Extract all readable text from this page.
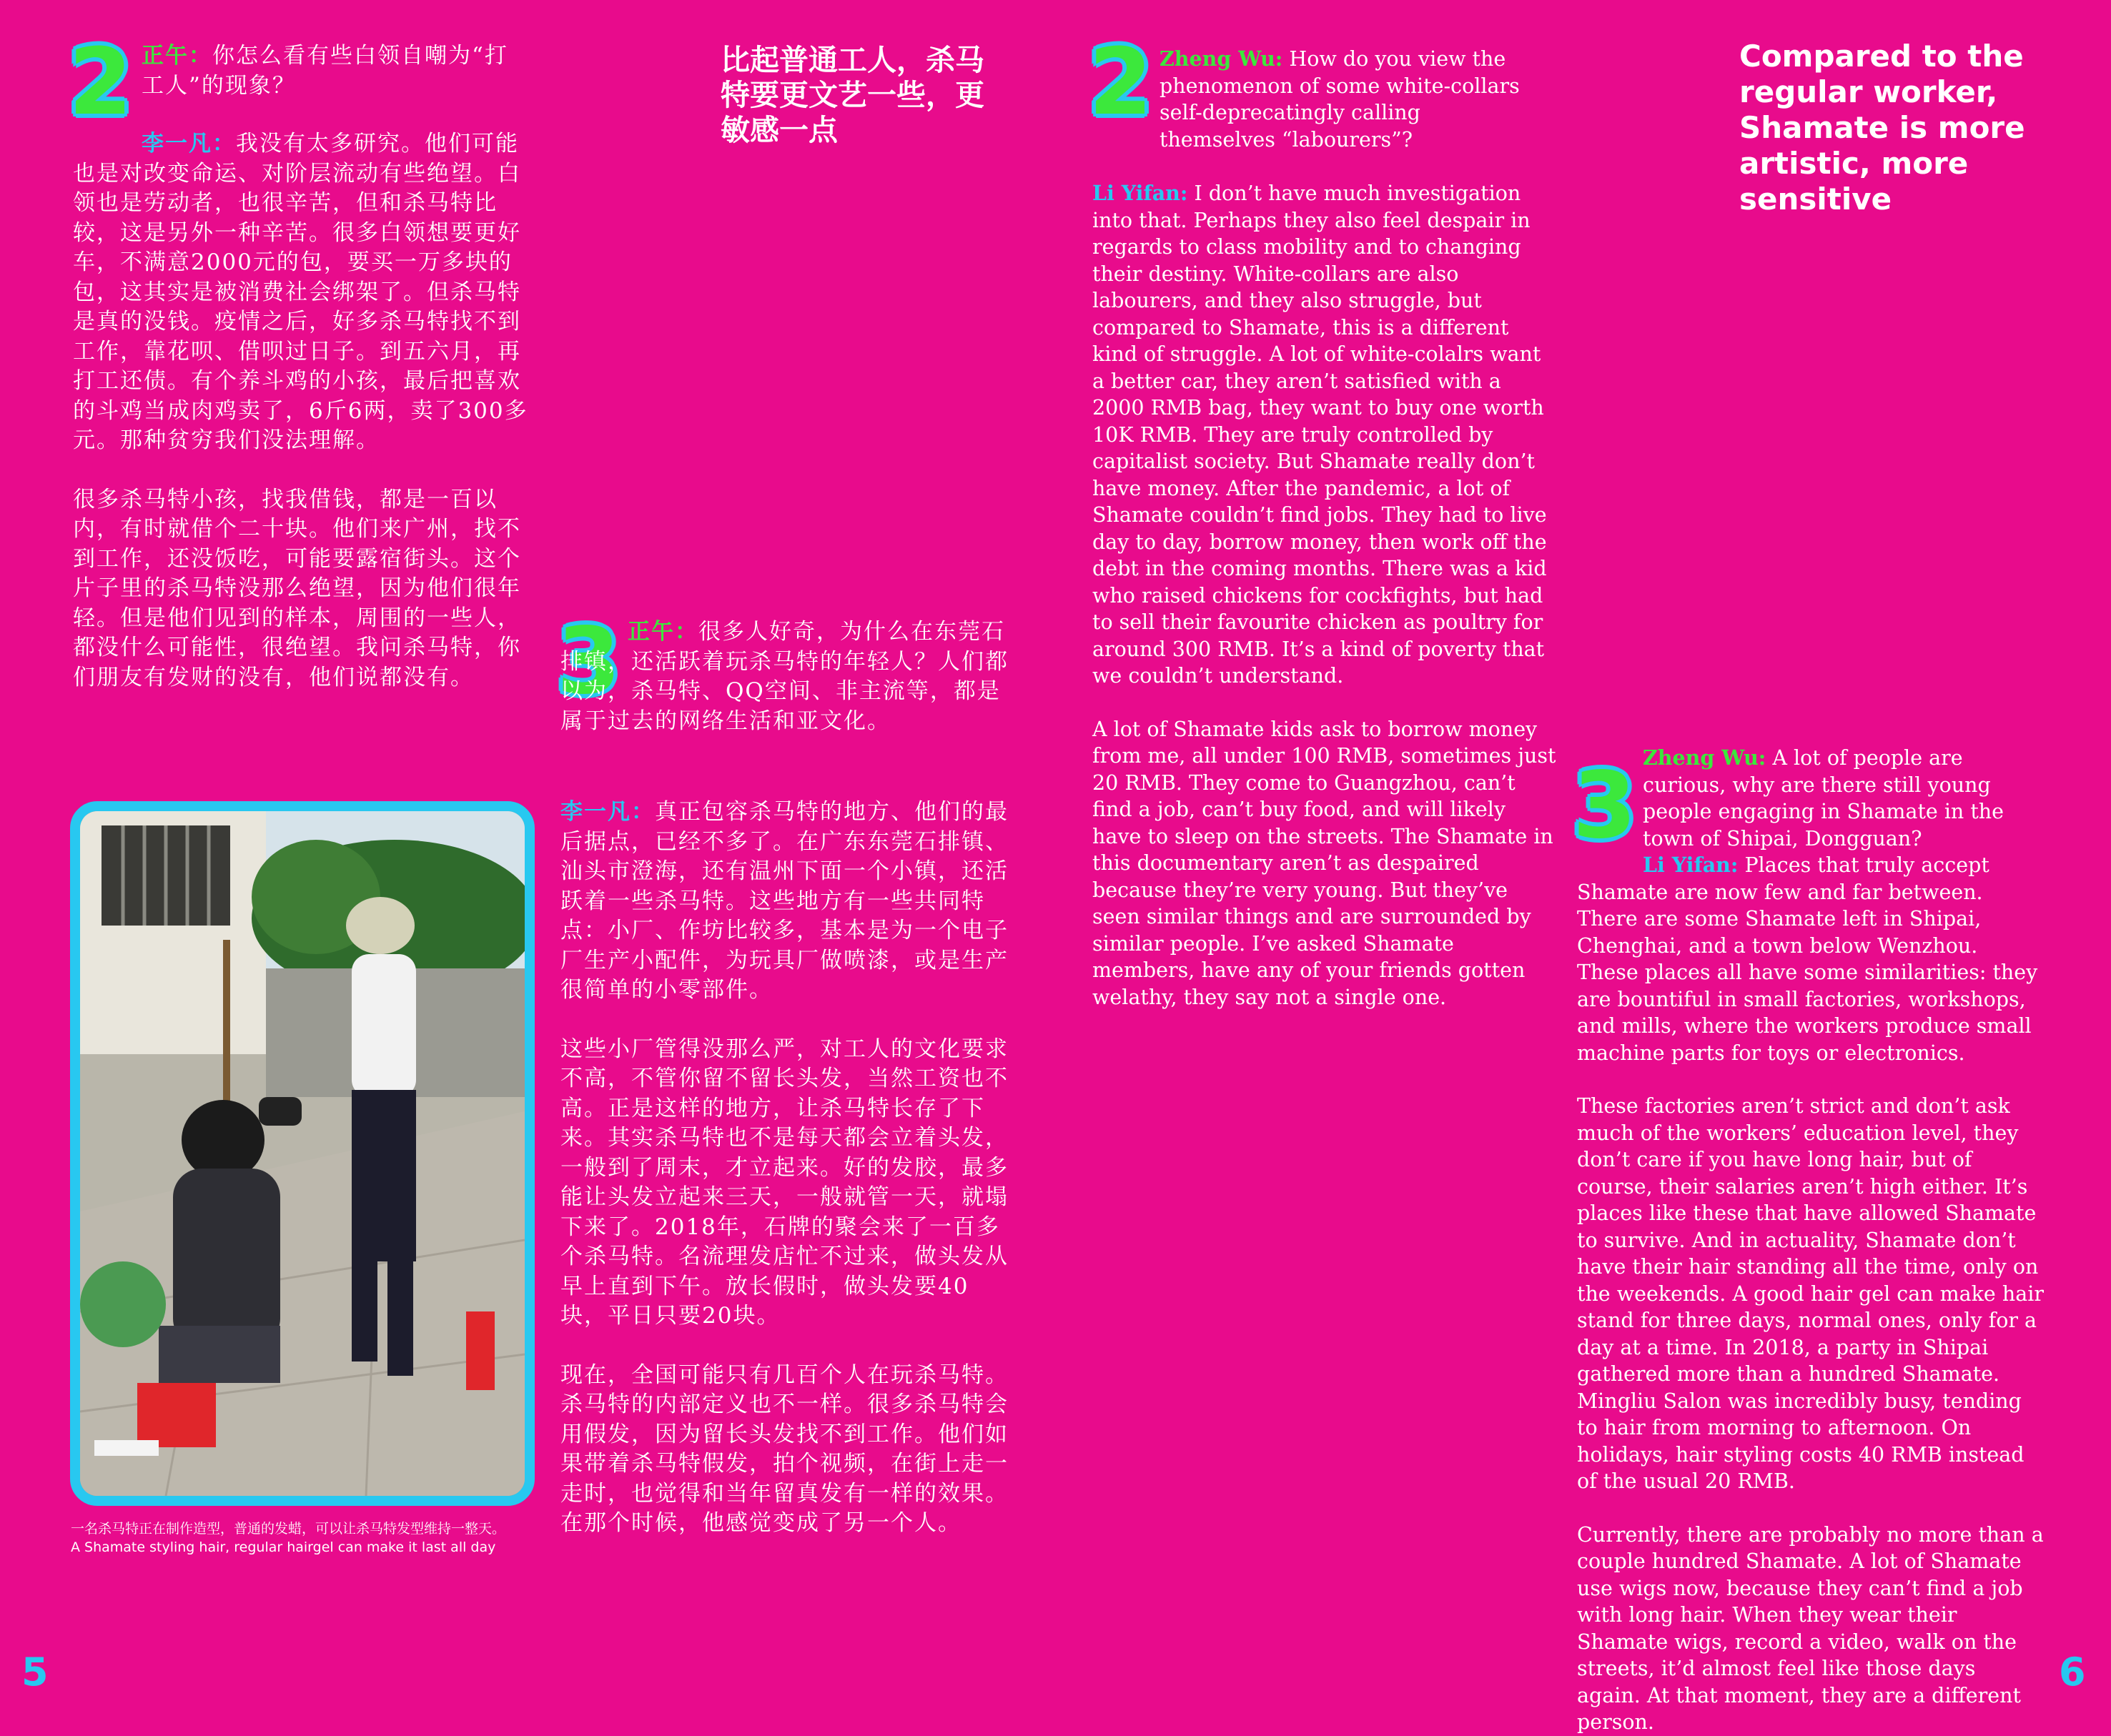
2 正午：你怎么看有些白领自嘲为“打工人”的现象？
李一凡：我没有太多研究。他们可能也是对改变命运、对阶层流动有些绝望。白领也是劳动者，也很辛苦，但和杀马特比较，这是另外一种辛苦。很多白领想要更好车，不满意2000元的包，要买一万多块的包，这其实是被消费社会绑架了。但杀马特是真的没钱。疫情之后，好多杀马特找不到工作，靠花呗、借呗过日子。到五六月，再打工还债。有个养斗鸡的小孩，最后把喜欢的斗鸡当成肉鸡卖了，6斤6两，卖了300多元。那种贫穷我们没法理解。
很多杀马特小孩，找我借钱，都是一百以内，有时就借个二十块。他们来广州，找不到工作，还没饭吃，可能要露宿街头。这个片子里的杀马特没那么绝望，因为他们很年轻。但是他们见到的样本，周围的一些人，都没什么可能性，很绝望。我问杀马特，你们朋友有发财的没有，他们说都没有。
一名杀马特正在制作造型，普通的发蜡，可以让杀马特发型维持一整天。
A Shamate styling hair, regular hairgel can make it last all day
比起普通工人，杀马特要更文艺一些，更敏感一点
3 正午：很多人好奇，为什么在东莞石排镇，还活跃着玩杀马特的年轻人？人们都以为，杀马特、QQ空间、非主流等，都是属于过去的网络生活和亚文化。
李一凡：真正包容杀马特的地方、他们的最后据点，已经不多了。在广东东莞石排镇、汕头市澄海，还有温州下面一个小镇，还活跃着一些杀马特。这些地方有一些共同特点：小厂、作坊比较多，基本是为一个电子厂生产小配件，为玩具厂做喷漆，或是生产很简单的小零部件。
这些小厂管得没那么严，对工人的文化要求不高，不管你留不留长头发，当然工资也不高。正是这样的地方，让杀马特长存了下来。其实杀马特也不是每天都会立着头发，一般到了周末，才立起来。好的发胶，最多能让头发立起来三天，一般就管一天，就塌下来了。2018年，石牌的聚会来了一百多个杀马特。名流理发店忙不过来，做头发从早上直到下午。放长假时，做头发要40块，平日只要20块。
现在，全国可能只有几百个人在玩杀马特。杀马特的内部定义也不一样。很多杀马特会用假发，因为留长头发找不到工作。他们如果带着杀马特假发，拍个视频，在街上走一走时，也觉得和当年留真发有一样的效果。在那个时候，他感觉变成了另一个人。
5
2 Zheng Wu: How do you view the phenomenon of some white-collars self-deprecatingly calling themselves “labourers”?
Li Yifan: I don’t have much investigation into that. Perhaps they also feel despair in regards to class mobility and to changing their destiny. White-collars are also labourers, and they also struggle, but compared to Shamate, this is a different kind of struggle. A lot of white-colalrs want a better car, they aren’t satisfied with a 2000 RMB bag, they want to buy one worth 10K RMB. They are truly controlled by capitalist society. But Shamate really don’t have money. After the pandemic, a lot of Shamate couldn’t find jobs. They had to live day to day, borrow money, then work off the debt in the coming months. There was a kid who raised chickens for cockfights, but had to sell their favourite chicken as poultry for around 300 RMB. It’s a kind of poverty that we couldn’t understand.
A lot of Shamate kids ask to borrow money from me, all under 100 RMB, sometimes just 20 RMB. They come to Guangzhou, can’t find a job, can’t buy food, and will likely have to sleep on the streets. The Shamate in this documentary aren’t as despaired because they’re very young. But they’ve seen similar things and are surrounded by similar people. I’ve asked Shamate members, have any of your friends gotten welathy, they say not a single one.
Compared to the regular worker, Shamate is more artistic, more sensitive
3 Zheng Wu: A lot of people are curious, why are there still young people engaging in Shamate in the town of Shipai, Dongguan?
Li Yifan: Places that truly accept Shamate are now few and far between. There are some Shamate left in Shipai, Chenghai, and a town below Wenzhou. These places all have some similarities: they are bountiful in small factories, workshops, and mills, where the workers produce small machine parts for toys or electronics.
These factories aren’t strict and don’t ask much of the workers’ education level, they don’t care if you have long hair, but of course, their salaries aren’t high either. It’s places like these that have allowed Shamate to survive. And in actuality, Shamate don’t have their hair standing all the time, only on the weekends. A good hair gel can make hair stand for three days, normal ones, only for a day at a time. In 2018, a party in Shipai gathered more than a hundred Shamate. Mingliu Salon was incredibly busy, tending to hair from morning to afternoon. On holidays, hair styling costs 40 RMB instead of the usual 20 RMB.
Currently, there are probably no more than a couple hundred Shamate. A lot of Shamate use wigs now, because they can’t find a job with long hair. When they wear their Shamate wigs, record a video, walk on the streets, it’d almost feel like those days again. At that moment, they are a different person.
6
